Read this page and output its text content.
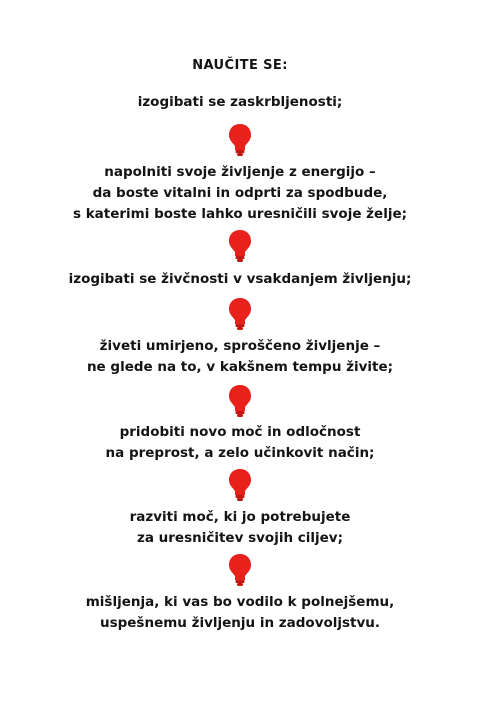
NAUČITE SE:
izogibati se zaskrbljenosti;
napolniti svoje življenje z energijo –
da boste vitalni in odprti za spodbude,
s katerimi boste lahko uresničili svoje želje;
izogibati se živčnosti v vsakdanjem življenju;
živeti umirjeno, sproščeno življenje –
ne glede na to, v kakšnem tempu živite;
pridobiti novo moč in odločnost
na preprost, a zelo učinkovit način;
razviti moč, ki jo potrebujete
za uresničitev svojih ciljev;
mišljenja, ki vas bo vodilo k polnejšemu,
uspešnemu življenju in zadovoljstvu.
